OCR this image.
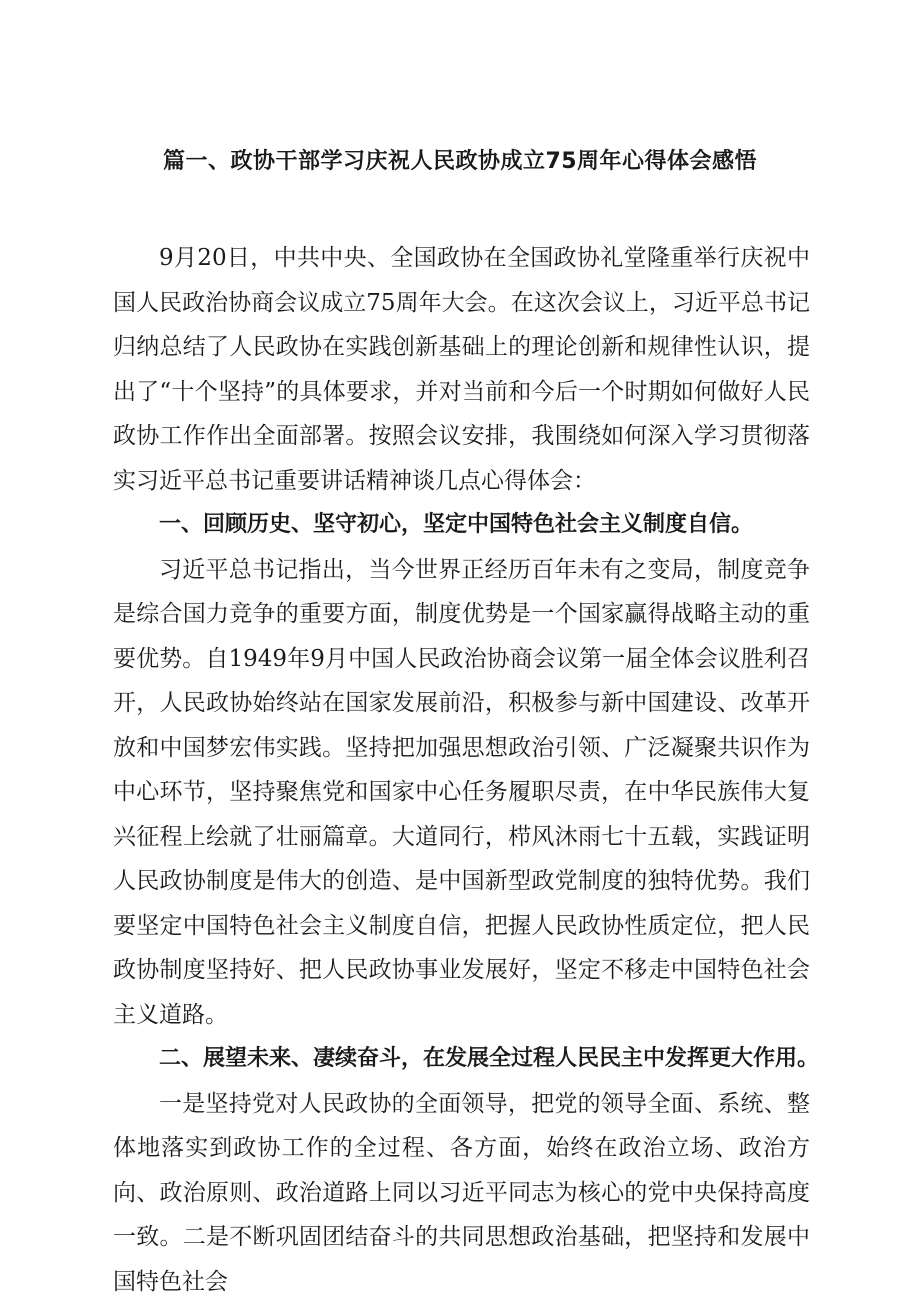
篇一、政协干部学习庆祝人民政协成立75周年心得体会感悟

9月20日，中共中央、全国政协在全国政协礼堂隆重举行庆祝中国人民政治协商会议成立75周年大会。在这次会议上，习近平总书记归纳总结了人民政协在实践创新基础上的理论创新和规律性认识，提出了“十个坚持”的具体要求，并对当前和今后一个时期如何做好人民政协工作作出全面部署。按照会议安排，我围绕如何深入学习贯彻落实习近平总书记重要讲话精神谈几点心得体会：

一、回顾历史、坚守初心，坚定中国特色社会主义制度自信。

习近平总书记指出，当今世界正经历百年未有之变局，制度竞争是综合国力竞争的重要方面，制度优势是一个国家赢得战略主动的重要优势。自1949年9月中国人民政治协商会议第一届全体会议胜利召开，人民政协始终站在国家发展前沿，积极参与新中国建设、改革开放和中国梦宏伟实践。坚持把加强思想政治引领、广泛凝聚共识作为中心环节，坚持聚焦党和国家中心任务履职尽责，在中华民族伟大复兴征程上绘就了壮丽篇章。大道同行，栉风沐雨七十五载，实践证明人民政协制度是伟大的创造、是中国新型政党制度的独特优势。我们要坚定中国特色社会主义制度自信，把握人民政协性质定位，把人民政协制度坚持好、把人民政协事业发展好，坚定不移走中国特色社会主义道路。

二、展望未来、凄续奋斗，在发展全过程人民民主中发挥更大作用。

一是坚持党对人民政协的全面领导，把党的领导全面、系统、整体地落实到政协工作的全过程、各方面，始终在政治立场、政治方向、政治原则、政治道路上同以习近平同志为核心的党中央保持高度一致。二是不断巩固团结奋斗的共同思想政治基础，把坚持和发展中国特色社会
